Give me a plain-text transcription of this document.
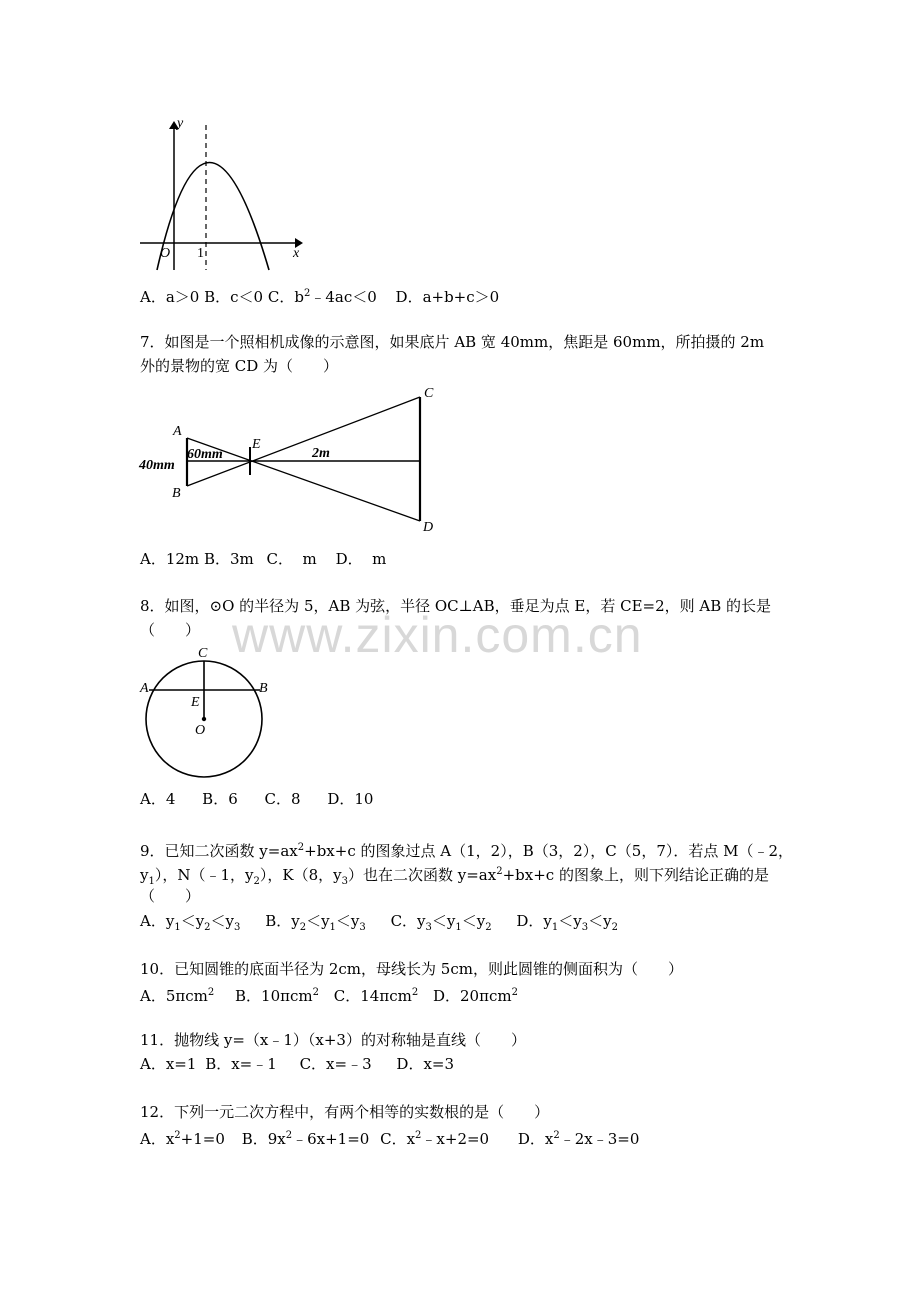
www.zixin.com.cn
y
x
O 1
A．a＞0 B．c＜0 C．$b^2﹣4ac<0$ D．a+b+c＞0
7．如图是一个照相机成像的示意图，如果底片 AB 宽 40mm，焦距是 60mm，所拍摄的 2m
外的景物的宽 CD 为（　　）
A
B
C
D
E
40mm
60mm	2m
A．12m B．3m C． m D． m
8．如图，⊙O 的半径为 5，AB 为弦，半径 OC⊥AB，垂足为点 E，若 CE=2，则 AB 的长是
（　　）
C
A	B
E
O
A．4 B．6 C．8 D．10
9．已知二次函数 $y=ax^2+bx+c$ 的图象过点 A（1，2），B（3，2），C（5，7）．若点 M（﹣2，
$y_1$），N（﹣1，$y_2$），K（8，$y_3$）也在二次函数 $y=ax^2+bx+c$ 的图象上，则下列结论正确的是
（　　）
A．$y_1<y_2<y_3$ B．$y_2<y_1<y_3$ C．$y_3<y_1<y_2$ D．$y_1<y_3<y_2$
10．已知圆锥的底面半径为 2cm，母线长为 5cm，则此圆锥的侧面积为（　　）
A．5πcm$^2$ B．10πcm$^2$ C．14πcm$^2$ D．20πcm$^2$
11．抛物线 y=（x﹣1）（x+3）的对称轴是直线（　　）
A．x=1 B．x=﹣1 C．x=﹣3 D．x=3
12．下列一元二次方程中，有两个相等的实数根的是（　　）
A．$x^2+1=0$ B．$9x^2﹣6x+1=0$ C．$x^2﹣x+2=0$ D．$x^2﹣2x﹣3=0$
